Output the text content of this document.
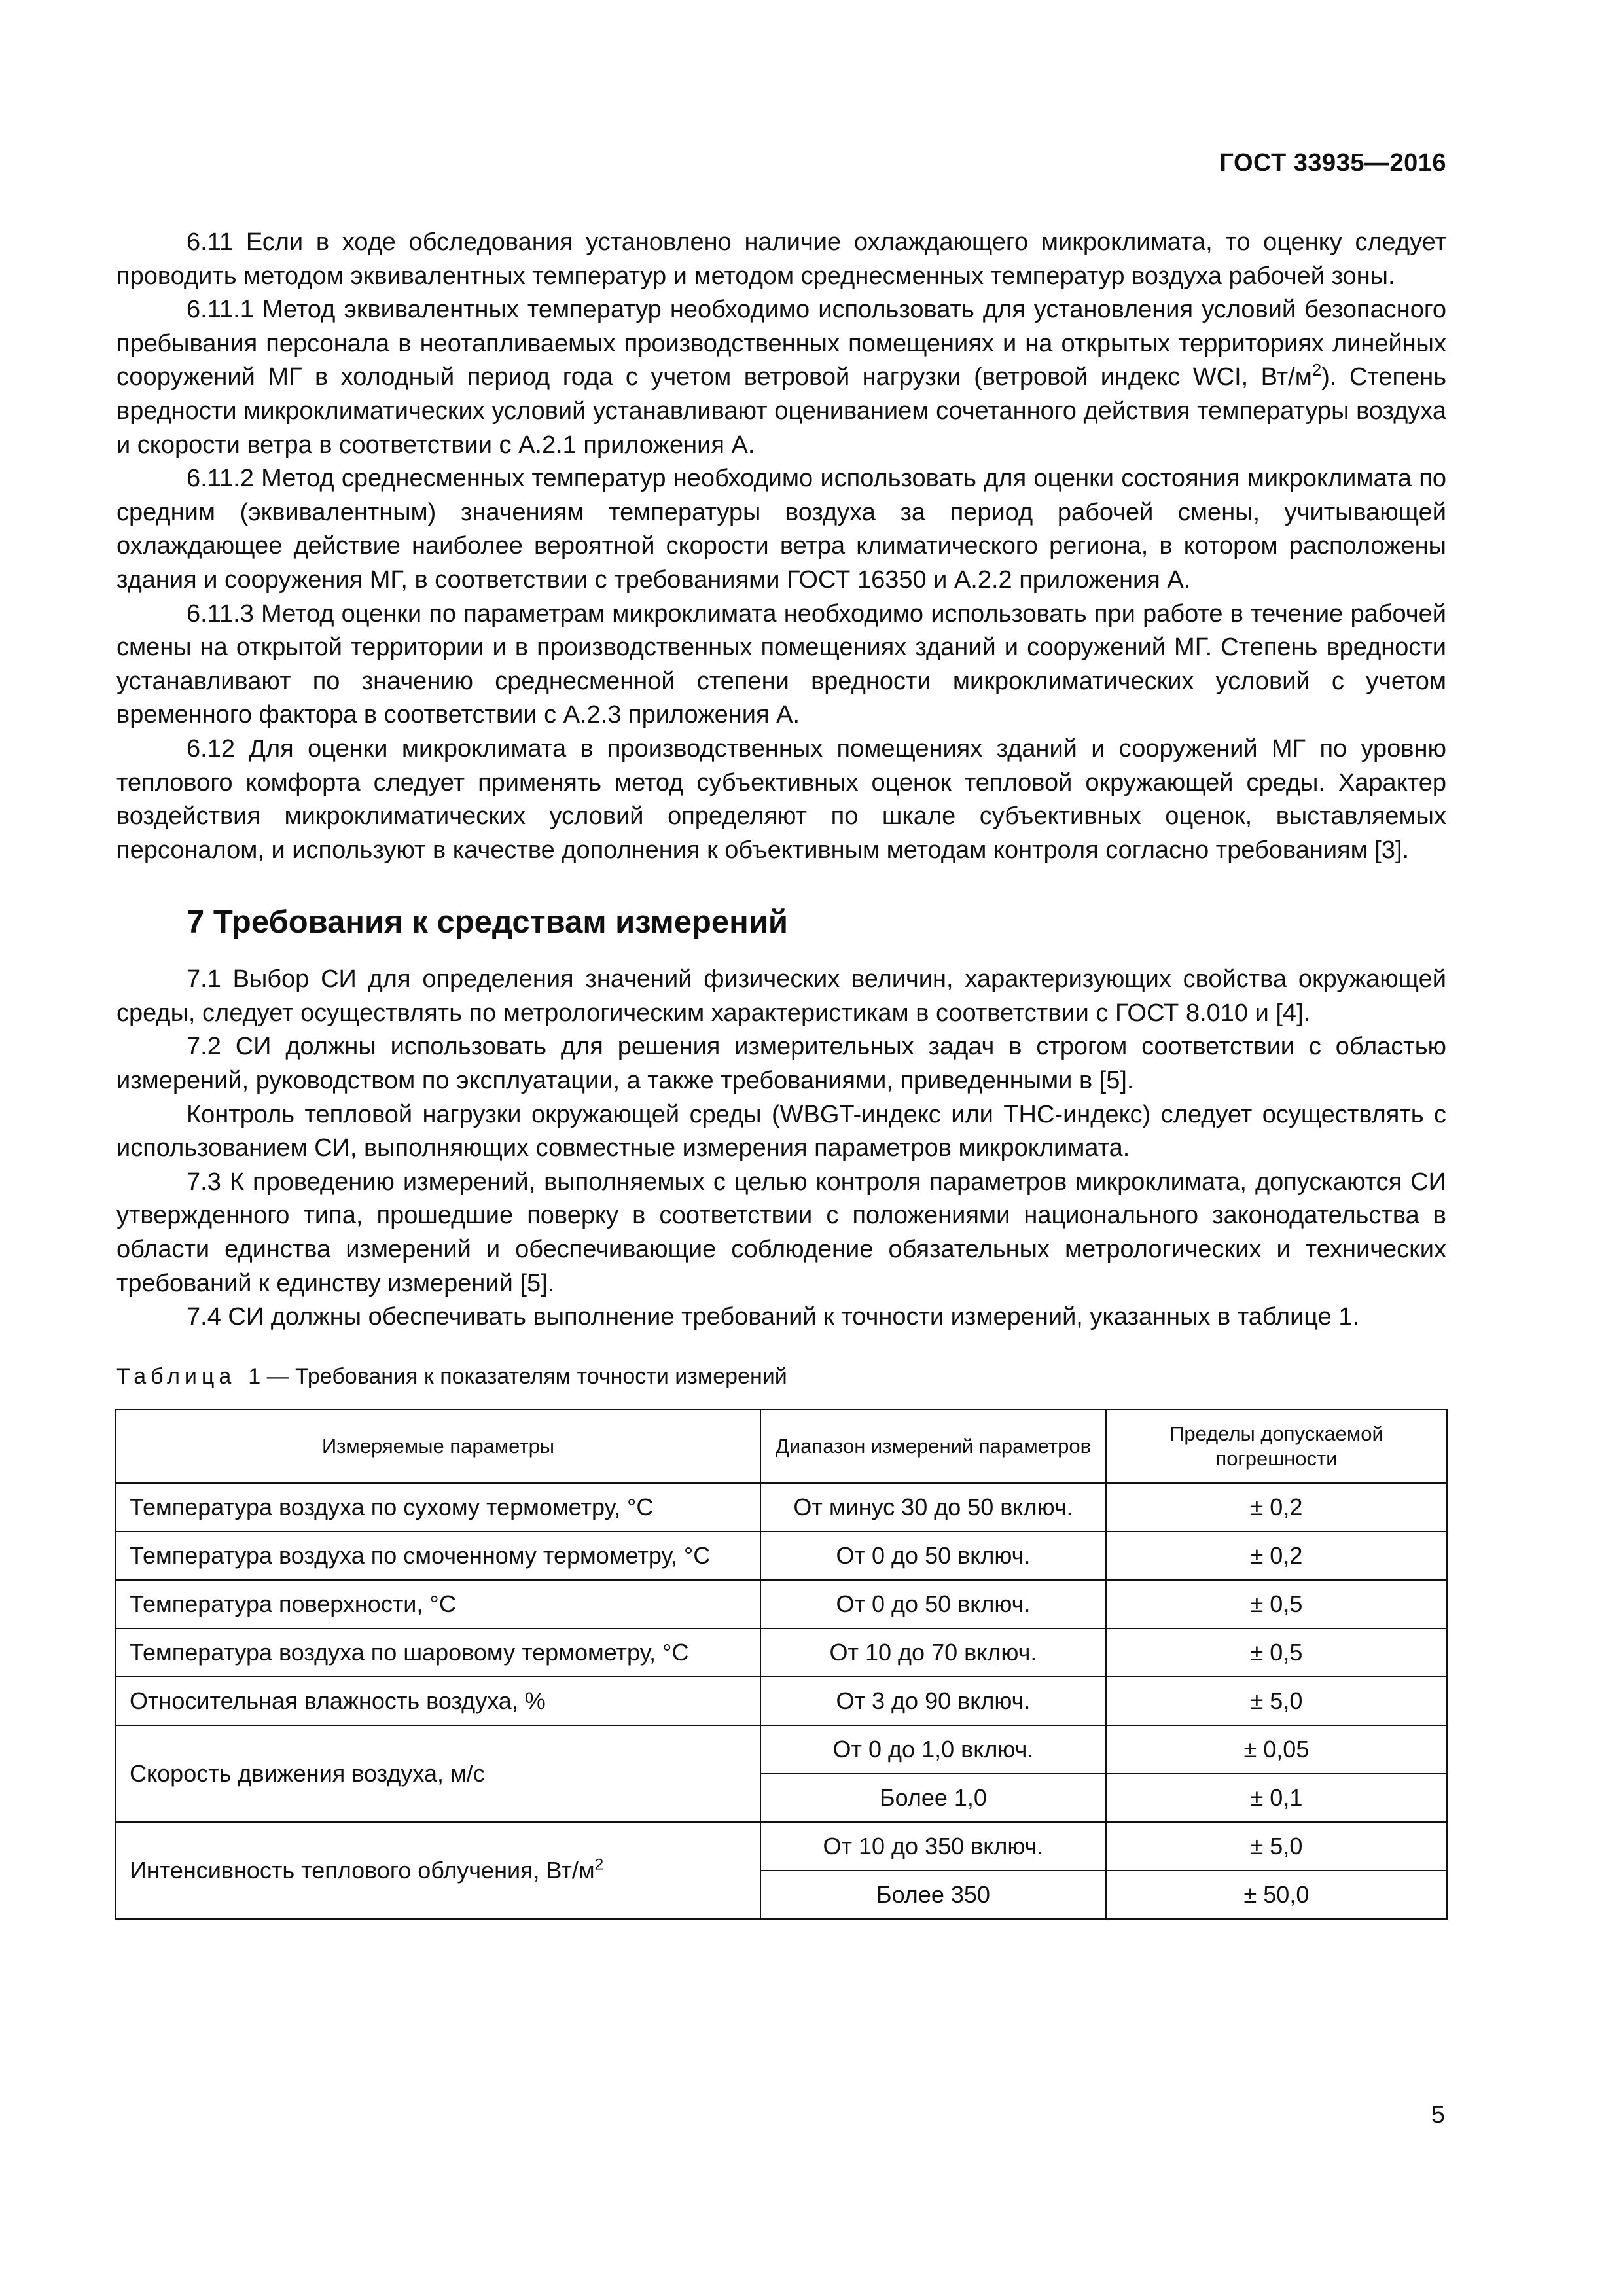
ГОСТ 33935—2016

6.11 Если в ходе обследования установлено наличие охлаждающего микроклимата, то оценку следует проводить методом эквивалентных температур и методом среднесменных температур воздуха рабочей зоны.

6.11.1 Метод эквивалентных температур необходимо использовать для установления условий безопасного пребывания персонала в неотапливаемых производственных помещениях и на открытых территориях линейных сооружений МГ в холодный период года с учетом ветровой нагрузки (ветровой индекс WCI, $Вт/м^2$). Степень вредности микроклиматических условий устанавливают оцениванием сочетанного действия температуры воздуха и скорости ветра в соответствии с А.2.1 приложения А.

6.11.2 Метод среднесменных температур необходимо использовать для оценки состояния микроклимата по средним (эквивалентным) значениям температуры воздуха за период рабочей смены, учитывающей охлаждающее действие наиболее вероятной скорости ветра климатического региона, в котором расположены здания и сооружения МГ, в соответствии с требованиями ГОСТ 16350 и А.2.2 приложения А.

6.11.3 Метод оценки по параметрам микроклимата необходимо использовать при работе в течение рабочей смены на открытой территории и в производственных помещениях зданий и сооружений МГ. Степень вредности устанавливают по значению среднесменной степени вредности микроклиматических условий с учетом временного фактора в соответствии с А.2.3 приложения А.

6.12 Для оценки микроклимата в производственных помещениях зданий и сооружений МГ по уровню теплового комфорта следует применять метод субъективных оценок тепловой окружающей среды. Характер воздействия микроклиматических условий определяют по шкале субъективных оценок, выставляемых персоналом, и используют в качестве дополнения к объективным методам контроля согласно требованиям [3].

7 Требования к средствам измерений

7.1 Выбор СИ для определения значений физических величин, характеризующих свойства окружающей среды, следует осуществлять по метрологическим характеристикам в соответствии с ГОСТ 8.010 и [4].

7.2 СИ должны использовать для решения измерительных задач в строгом соответствии с областью измерений, руководством по эксплуатации, а также требованиями, приведенными в [5].

Контроль тепловой нагрузки окружающей среды (WBGT-индекс или ТНС-индекс) следует осуществлять с использованием СИ, выполняющих совместные измерения параметров микроклимата.

7.3 К проведению измерений, выполняемых с целью контроля параметров микроклимата, допускаются СИ утвержденного типа, прошедшие поверку в соответствии с положениями национального законодательства в области единства измерений и обеспечивающие соблюдение обязательных метрологических и технических требований к единству измерений [5].

7.4 СИ должны обеспечивать выполнение требований к точности измерений, указанных в таблице 1.

Таблица 1 — Требования к показателям точности измерений
Измеряемые параметры	Диапазон измерений параметров	Пределы допускаемой погрешности
Температура воздуха по сухому термометру, °С	От минус 30 до 50 включ.	± 0,2
Температура воздуха по смоченному термометру, °С	От 0 до 50 включ.	± 0,2
Температура поверхности, °С	От 0 до 50 включ.	± 0,5
Температура воздуха по шаровому термометру, °С	От 10 до 70 включ.	± 0,5
Относительная влажность воздуха, %	От 3 до 90 включ.	± 5,0
Скорость движения воздуха, м/с	От 0 до 1,0 включ.	± 0,05
	Более 1,0	± 0,1
Интенсивность теплового облучения, $Вт/м^2$	От 10 до 350 включ.	± 5,0
	Более 350	± 50,0
5
